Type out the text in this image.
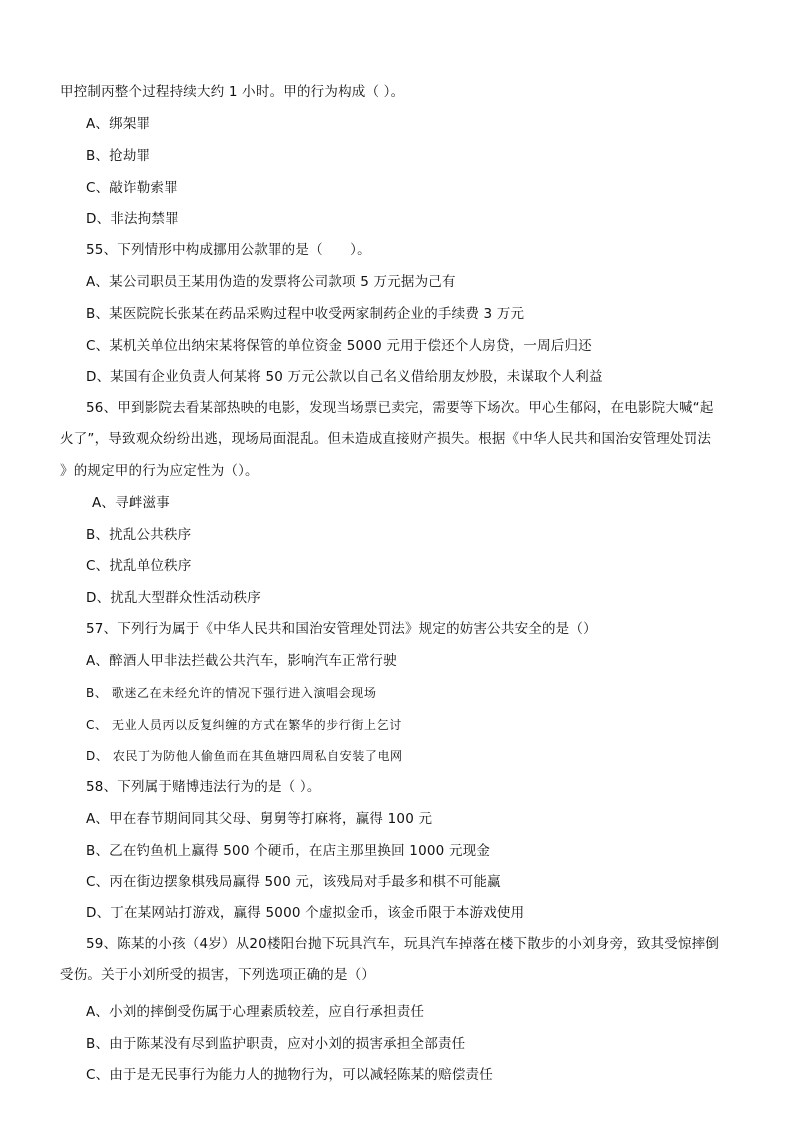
甲控制丙整个过程持续大约 1 小时。甲的行为构成（ ）。
A、绑架罪
B、抢劫罪
C、敲诈勒索罪
D、非法拘禁罪
55、下列情形中构成挪用公款罪的是（　　）。
A、某公司职员王某用伪造的发票将公司款项 5 万元据为己有
B、某医院院长张某在药品采购过程中收受两家制药企业的手续费 3 万元
C、某机关单位出纳宋某将保管的单位资金 5000 元用于偿还个人房贷，一周后归还
D、某国有企业负责人何某将 50 万元公款以自己名义借给朋友炒股，未谋取个人利益
56、甲到影院去看某部热映的电影，发现当场票已卖完，需要等下场次。甲心生郁闷，在电影院大喊“起
火了”，导致观众纷纷出逃，现场局面混乱。但未造成直接财产损失。根据《中华人民共和国治安管理处罚法
》的规定甲的行为应定性为（）。
A、寻衅滋事
B、扰乱公共秩序
C、扰乱单位秩序
D、扰乱大型群众性活动秩序
57、下列行为属于《中华人民共和国治安管理处罚法》规定的妨害公共安全的是（）
A、醉酒人甲非法拦截公共汽车，影响汽车正常行驶
B、 歌迷乙在未经允许的情况下强行进入演唱会现场
C、 无业人员丙以反复纠缠的方式在繁华的步行街上乞讨
D、 农民丁为防他人偷鱼而在其鱼塘四周私自安装了电网
58、下列属于赌博违法行为的是（ ）。
A、甲在春节期间同其父母、舅舅等打麻将，赢得 100 元
B、乙在钓鱼机上赢得 500 个硬币，在店主那里换回 1000 元现金
C、丙在街边摆象棋残局赢得 500 元，该残局对手最多和棋不可能赢
D、丁在某网站打游戏，赢得 5000 个虚拟金币，该金币限于本游戏使用
59、陈某的小孩（4岁）从20楼阳台抛下玩具汽车，玩具汽车掉落在楼下散步的小刘身旁，致其受惊摔倒
受伤。关于小刘所受的损害，下列选项正确的是（）
A、小刘的摔倒受伤属于心理素质较差，应自行承担责任
B、由于陈某没有尽到监护职责，应对小刘的损害承担全部责任
C、由于是无民事行为能力人的抛物行为，可以减轻陈某的赔偿责任
